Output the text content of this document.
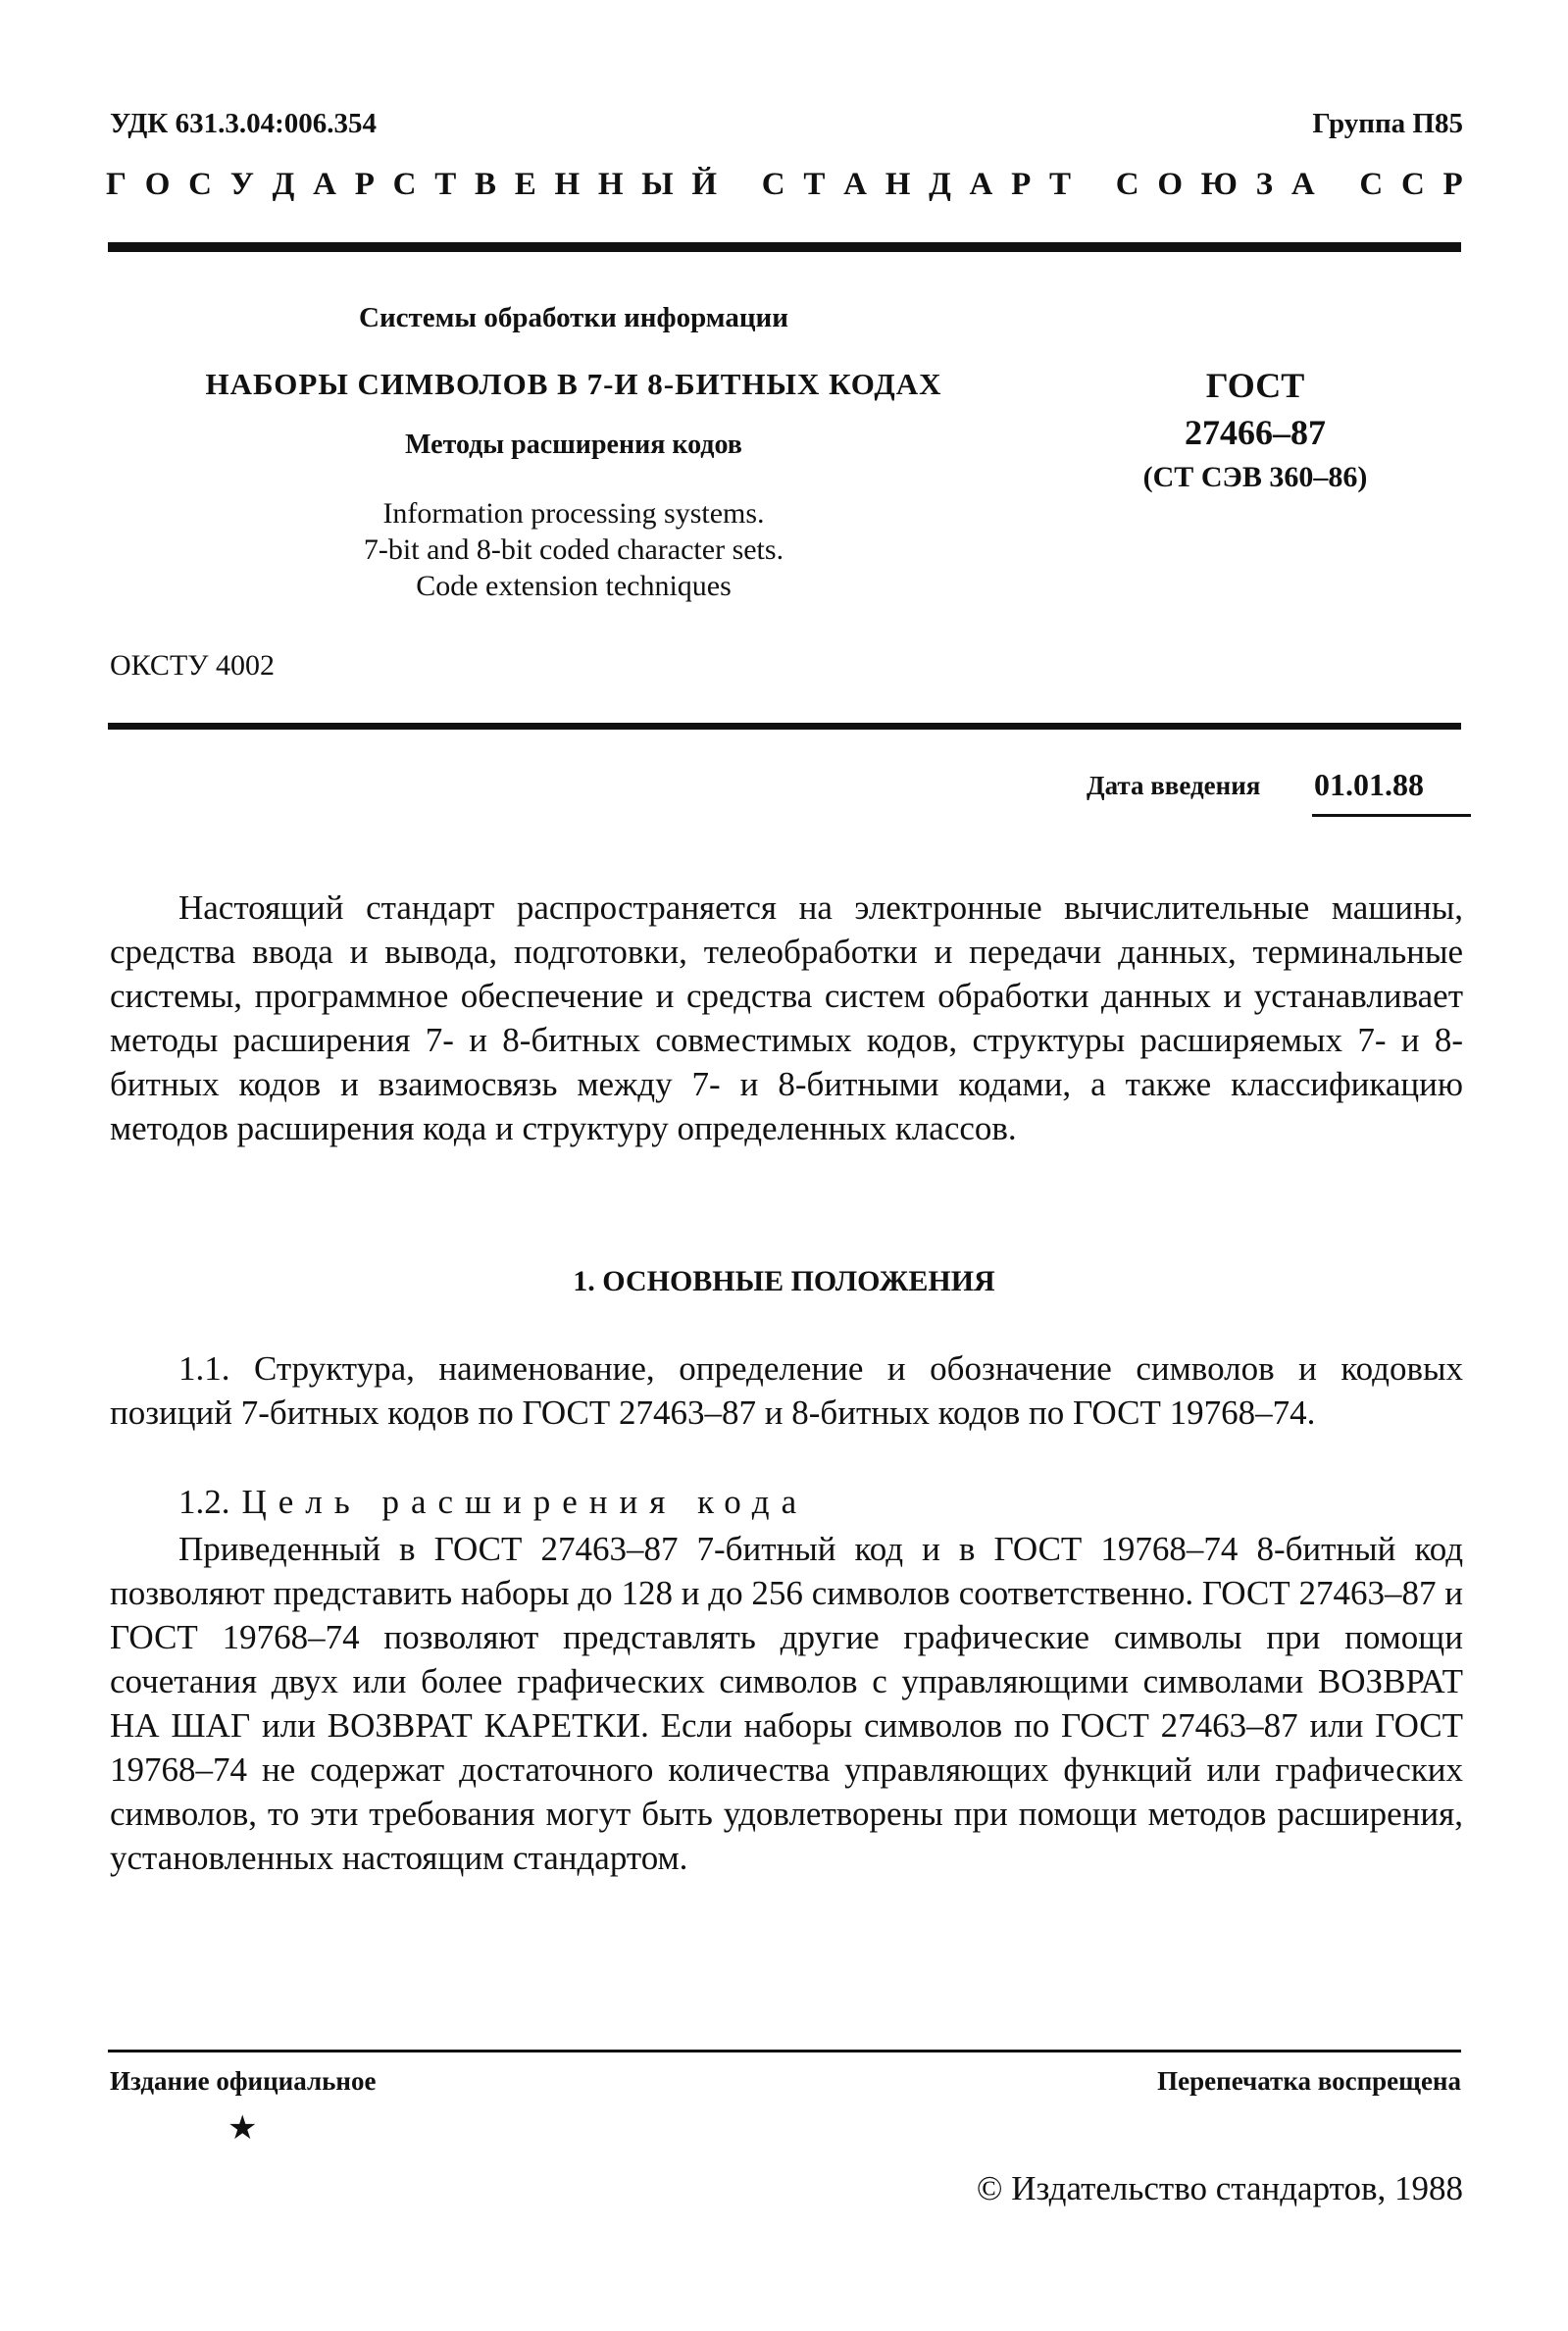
УДК 631.3.04:006.354	Группа П85
Г О С У Д А Р С Т В Е Н Н Ы Й
С Т А Н Д А Р Т
С О Ю З А
С С Р
Системы обработки информации
НАБОРЫ СИМВОЛОВ В 7-И 8-БИТНЫХ КОДАХ
Методы расширения кодов
Information processing systems.
7-bit and 8-bit coded character sets.
Code extension techniques
ГОСТ
27466–87
(СТ СЭВ 360–86)
ОКСТУ 4002
Дата введения 01.01.88
Настоящий стандарт распространяется на электронные вычислительные машины, средства ввода и вывода, подготовки, телеобработки и передачи данных, терминальные системы, программное обеспечение и средства систем обработки данных и устанавливает методы расширения 7- и 8-битных совместимых кодов, структуры расширяемых 7- и 8-битных кодов и взаимосвязь между 7- и 8-битными кодами, а также классификацию методов расширения кода и структуру определенных классов.
1. ОСНОВНЫЕ ПОЛОЖЕНИЯ
1.1. Структура, наименование, определение и обозначение символов и кодовых позиций 7-битных кодов по ГОСТ 27463–87 и 8-битных кодов по ГОСТ 19768–74.
1.2. Цель расширения кода
Приведенный в ГОСТ 27463–87 7-битный код и в ГОСТ 19768–74 8-битный код позволяют представить наборы до 128 и до 256 символов соответственно. ГОСТ 27463–87 и ГОСТ 19768–74 позволяют представлять другие графические символы при помощи сочетания двух или более графических символов с управляющими символами ВОЗВРАТ НА ШАГ или ВОЗВРАТ КАРЕТКИ. Если наборы символов по ГОСТ 27463–87 или ГОСТ 19768–74 не содержат достаточного количества управляющих функций или графических символов, то эти требования могут быть удовлетворены при помощи методов расширения, установленных настоящим стандартом.
Издание официальное	Перепечатка воспрещена
★
© Издательство стандартов, 1988
